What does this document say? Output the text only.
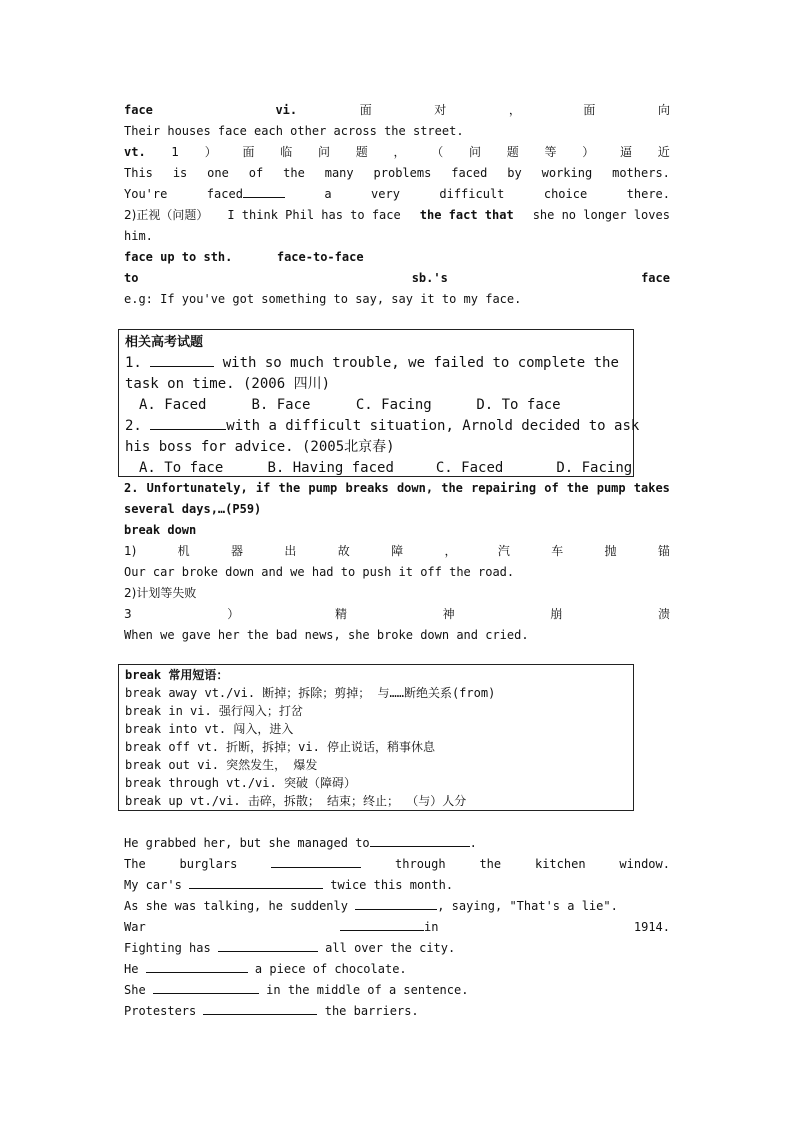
face	vi.	面	对	，	面	向
Their houses face each other across the street.
vt. 1 ） 面 临 问 题 ， （ 问 题 等 ） 逼 近
This is one of the many problems faced by working mothers.
You're	faced	a	very	difficult	choice	there.
2)正视（问题） I think Phil has to face the fact that she no longer loves
him.
face up to sth.	face-to-face
to	sb.'s	face
e.g: If you've got something to say, say it to my face.
相关高考试题
1.	with so much trouble, we failed to complete the
task on time. (2006 四川)
A. Faced	B. Face	C. Facing	D. To face
2.	with a difficult situation, Arnold decided to ask
his boss for advice. (2005北京春)
A. To face	B. Having faced	C. Faced	D. Facing
2. Unfortunately, if the pump breaks down, the repairing of the pump takes
several days,…(P59)
break down
1)	机	器	出	故	障	，	汽	车	抛	锚
Our car broke down and we had to push it off the road.
2)计划等失败
3	）	精	神	崩	溃
When we gave her the bad news, she broke down and cried.
break 常用短语：
break away vt./vi. 断掉；拆除；剪掉； 与……断绝关系(from)
break in vi. 强行闯入；打岔
break into vt. 闯入，进入
break off vt. 折断，拆掉；vi. 停止说话，稍事休息
break out vi. 突然发生， 爆发
break through vt./vi. 突破（障碍）
break up vt./vi. 击碎，拆散； 结束；终止； （与）人分
He grabbed her, but she managed to	.
The	burglars	through	the	kitchen	window.
My car's	twice this month.
As she was talking, he suddenly	, saying, "That's a lie".
War	in	1914.
Fighting has	all over the city.
He	a piece of chocolate.
She	in the middle of a sentence.
Protesters	the barriers.
